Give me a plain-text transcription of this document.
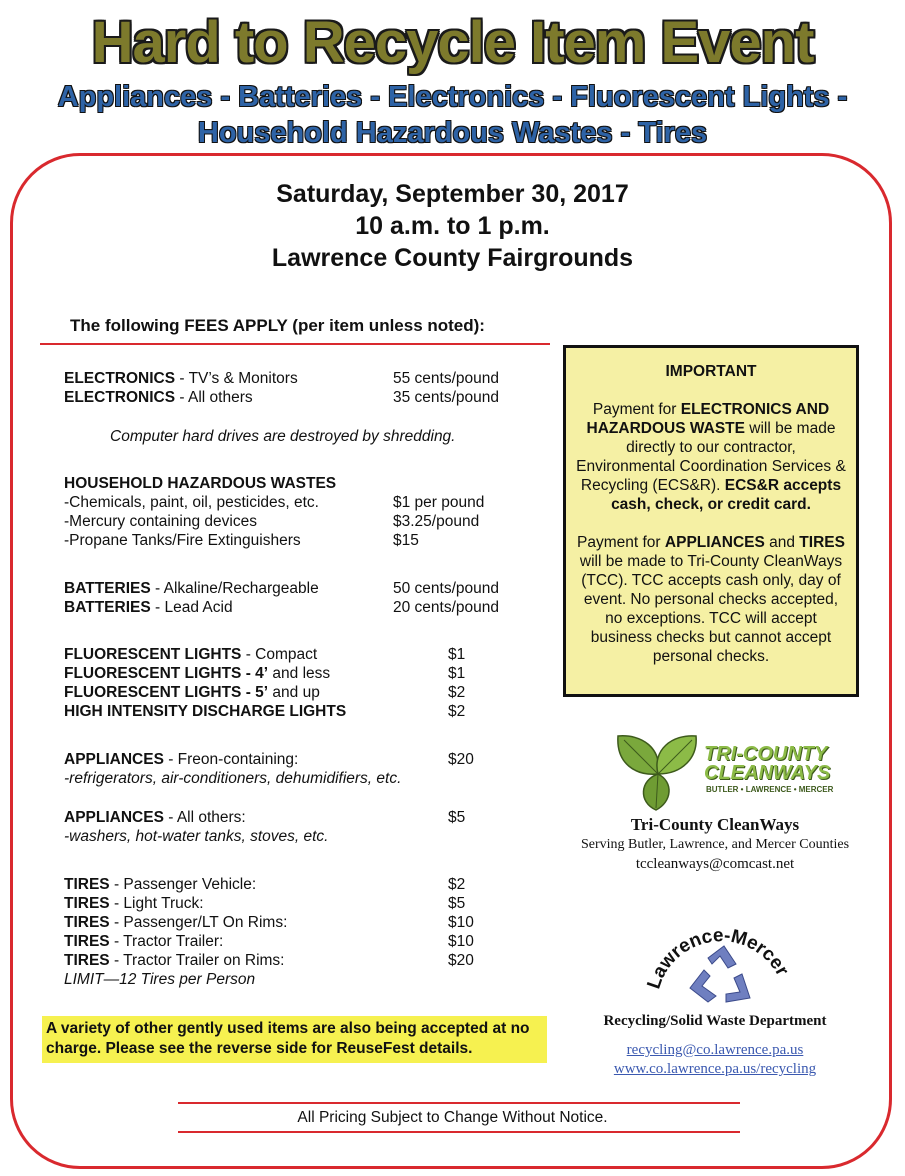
Hard to Recycle Item Event
Appliances - Batteries - Electronics - Fluorescent Lights -
Household Hazardous Wastes - Tires
Saturday, September 30, 2017
10 a.m. to 1 p.m.
Lawrence County Fairgrounds
The following FEES APPLY (per item unless noted):
ELECTRONICS - TV’s & Monitors	55 cents/pound
ELECTRONICS - All others	35 cents/pound
Computer hard drives are destroyed by shredding.
HOUSEHOLD HAZARDOUS WASTES
-Chemicals, paint, oil, pesticides, etc.	$1 per pound
-Mercury containing devices	$3.25/pound
-Propane Tanks/Fire Extinguishers	$15
BATTERIES - Alkaline/Rechargeable	50 cents/pound
BATTERIES - Lead Acid	20 cents/pound
FLUORESCENT LIGHTS - Compact	$1
FLUORESCENT LIGHTS - 4’ and less	$1
FLUORESCENT LIGHTS - 5’ and up	$2
HIGH INTENSITY DISCHARGE LIGHTS	$2
APPLIANCES - Freon-containing:	$20
-refrigerators, air-conditioners, dehumidifiers, etc.
APPLIANCES - All others:	$5
-washers, hot-water tanks, stoves, etc.
TIRES - Passenger Vehicle:	$2
TIRES - Light Truck:	$5
TIRES - Passenger/LT On Rims:	$10
TIRES - Tractor Trailer:	$10
TIRES - Tractor Trailer on Rims:	$20
LIMIT—12 Tires per Person

IMPORTANT

Payment for ELECTRONICS AND HAZARDOUS WASTE will be made directly to our contractor, Environmental Coordination Services & Recycling (ECS&R). ECS&R accepts cash, check, or credit card.

Payment for APPLIANCES and TIRES will be made to Tri-County CleanWays (TCC). TCC accepts cash only, day of event. No personal checks accepted, no exceptions. TCC will accept business checks but cannot accept personal checks.

TRI-COUNTY
CLEANWAYS
BUTLER • LAWRENCE • MERCER
Tri-County CleanWays
Serving Butler, Lawrence, and Mercer Counties
tccleanways@comcast.net
awrence-Mercer
Recycling/Solid Waste Department
recycling@co.lawrence.pa.us
www.co.lawrence.pa.us/recycling
A variety of other gently used items are also being accepted at no charge. Please see the reverse side for ReuseFest details.
All Pricing Subject to Change Without Notice.
